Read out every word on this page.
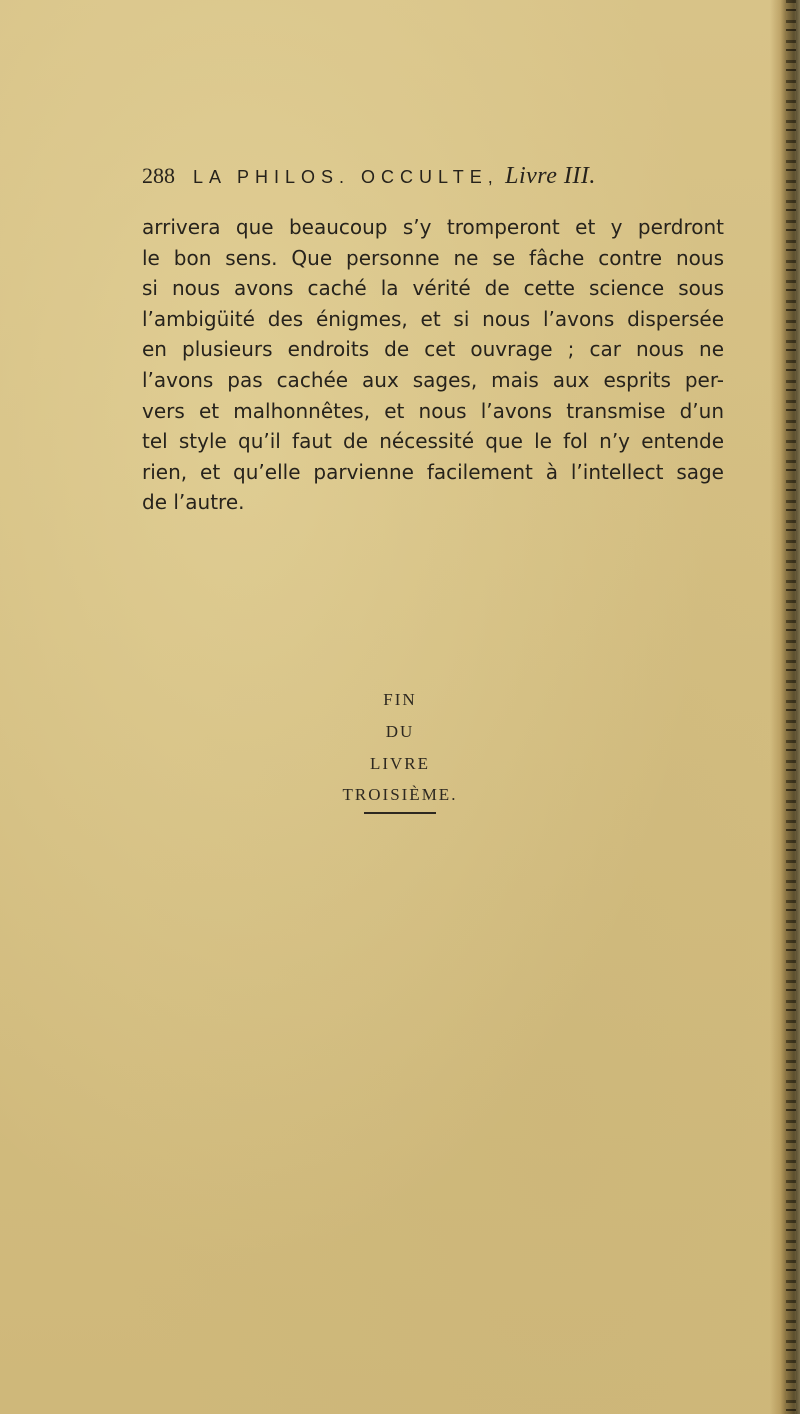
288 LA PHILOS. OCCULTE, Livre III.
arrivera que beaucoup s’y tromperont et y perdront
le bon sens. Que personne ne se fâche contre nous
si nous avons caché la vérité de cette science sous
l’ambigüité des énigmes, et si nous l’avons dispersée
en plusieurs endroits de cet ouvrage ; car nous ne
l’avons pas cachée aux sages, mais aux esprits per-
vers et malhonnêtes, et nous l’avons transmise d’un
tel style qu’il faut de nécessité que le fol n’y entende
rien, et qu’elle parvienne facilement à l’intellect sage
de l’autre.
FIN
DU
LIVRE
TROISIÈME.
